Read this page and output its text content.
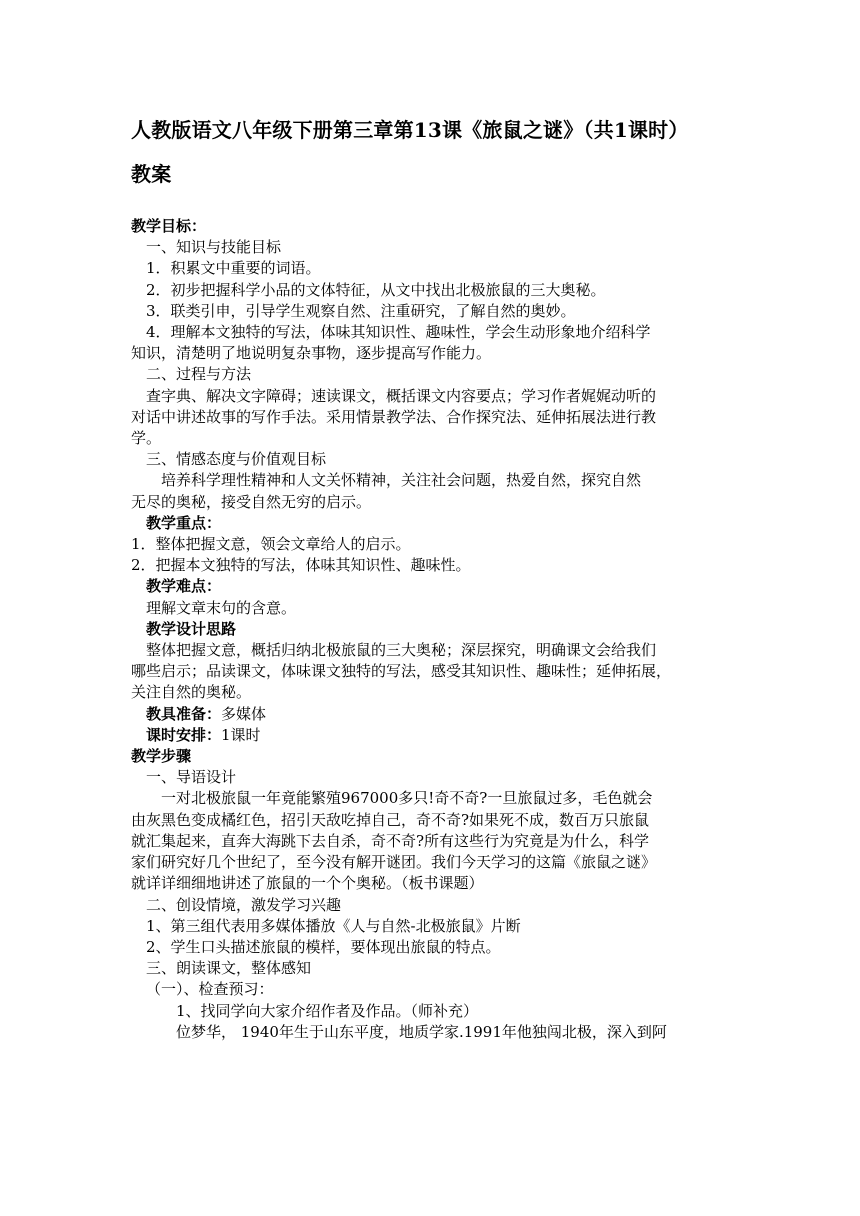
人教版语文八年级下册第三章第13课《旅鼠之谜》（共1课时）
教案

教学目标：

一、知识与技能目标

1．积累文中重要的词语。

2．初步把握科学小品的文体特征，从文中找出北极旅鼠的三大奥秘。

3．联类引申，引导学生观察自然、注重研究，了解自然的奥妙。

4．理解本文独特的写法，体味其知识性、趣味性，学会生动形象地介绍科学

知识，清楚明了地说明复杂事物，逐步提高写作能力。

二、过程与方法

查字典、解决文字障碍；速读课文，概括课文内容要点；学习作者娓娓动听的

对话中讲述故事的写作手法。采用情景教学法、合作探究法、延伸拓展法进行教

学。

三、情感态度与价值观目标

培养科学理性精神和人文关怀精神，关注社会问题，热爱自然，探究自然

无尽的奥秘，接受自然无穷的启示。

教学重点：

1．整体把握文意，领会文章给人的启示。

2．把握本文独特的写法，体味其知识性、趣味性。

教学难点：

理解文章末句的含意。

教学设计思路

整体把握文意，概括归纳北极旅鼠的三大奥秘；深层探究，明确课文会给我们

哪些启示；品读课文，体味课文独特的写法，感受其知识性、趣味性；延伸拓展，

关注自然的奥秘。

教具准备：多媒体

课时安排：1课时

教学步骤

一、导语设计

一对北极旅鼠一年竟能繁殖967000多只!奇不奇?一旦旅鼠过多，毛色就会

由灰黑色变成橘红色，招引天敌吃掉自己，奇不奇?如果死不成，数百万只旅鼠

就汇集起来，直奔大海跳下去自杀，奇不奇?所有这些行为究竟是为什么，科学

家们研究好几个世纪了，至今没有解开谜团。我们今天学习的这篇《旅鼠之谜》

就详详细细地讲述了旅鼠的一个个奥秘。（板书课题）

二、创设情境，激发学习兴趣

1、第三组代表用多媒体播放《人与自然-北极旅鼠》片断

2、学生口头描述旅鼠的模样，要体现出旅鼠的特点。

三、朗读课文，整体感知

（一）、检查预习：

1、找同学向大家介绍作者及作品。（师补充）

位梦华， 1940年生于山东平度，地质学家.1991年他独闯北极，深入到阿
